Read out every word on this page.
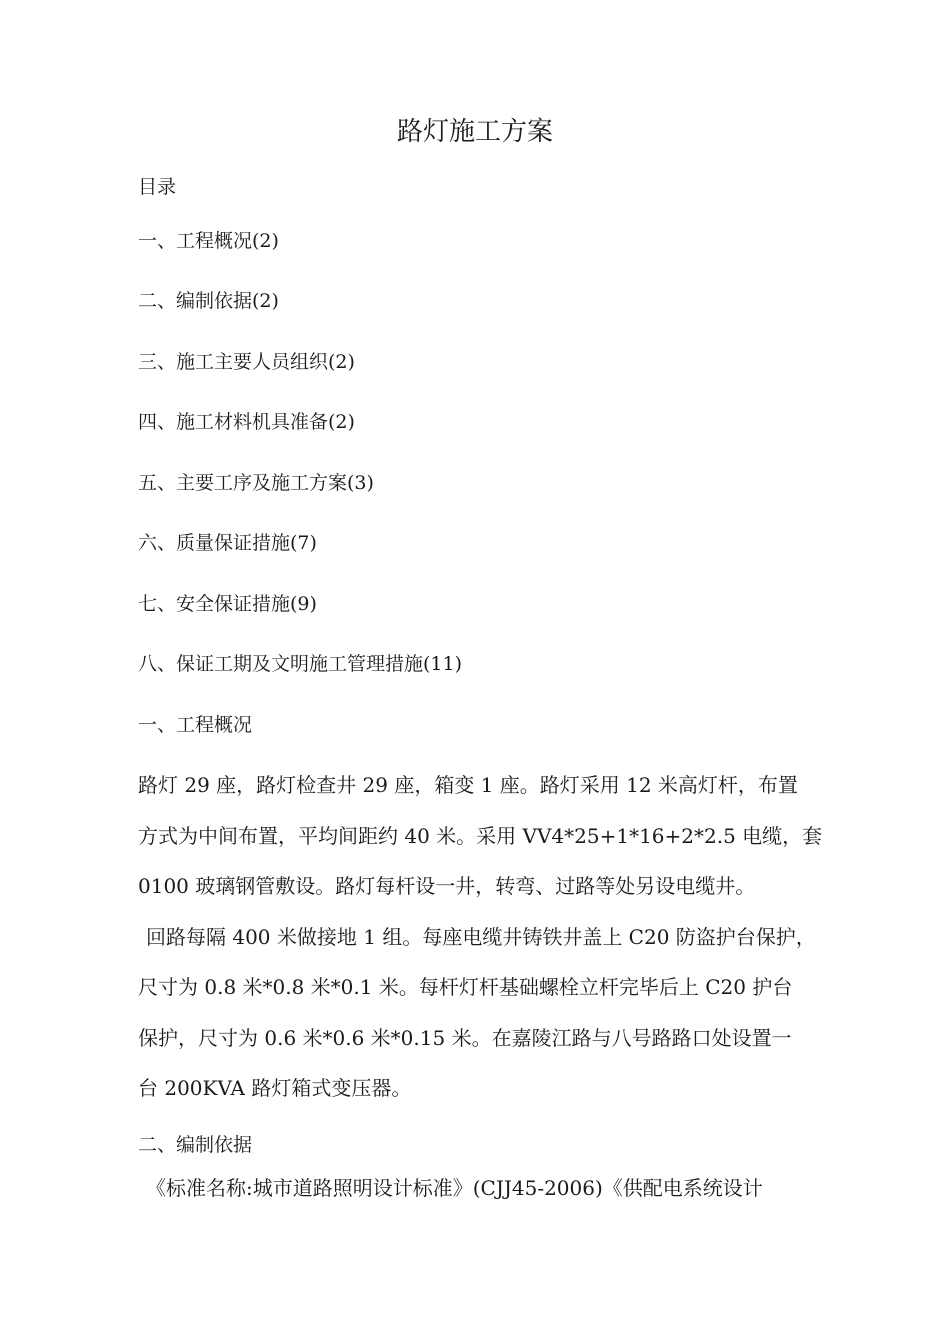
路灯施工方案
目录
一、工程概况(2)
二、编制依据(2)
三、施工主要人员组织(2)
四、施工材料机具准备(2)
五、主要工序及施工方案(3)
六、质量保证措施(7)
七、安全保证措施(9)
八、保证工期及文明施工管理措施(11)
一、工程概况
路灯 29 座，路灯检查井 29 座，箱变 1 座。路灯采用 12 米高灯杆，布置
方式为中间布置，平均间距约 40 米。采用 VV4*25+1*16+2*2.5 电缆，套
0100 玻璃钢管敷设。路灯每杆设一井，转弯、过路等处另设电缆井。
回路每隔 400 米做接地 1 组。每座电缆井铸铁井盖上 C20 防盗护台保护，
尺寸为 0.8 米*0.8 米*0.1 米。每杆灯杆基础螺栓立杆完毕后上 C20 护台
保护，尺寸为 0.6 米*0.6 米*0.15 米。在嘉陵江路与八号路路口处设置一
台 200KVA 路灯箱式变压器。
二、编制依据
《标准名称:城市道路照明设计标准》(CJJ45-2006)《供配电系统设计
